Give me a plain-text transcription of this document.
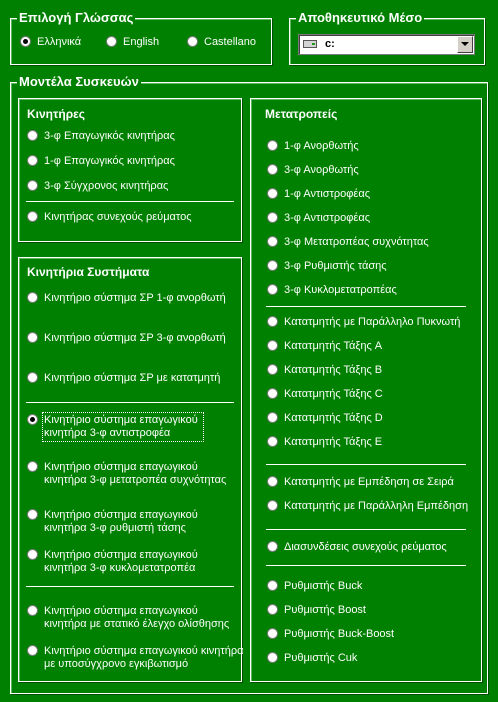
Επιλογή Γλώσσας
Ελληνικά	English	Castellano
Αποθηκευτικό Μέσο
c:
Μοντέλα Συσκευών
Κινητήρες
3-φ Επαγωγικός κινητήρας
1-φ Επαγωγικός κινητήρας
3-φ Σύγχρονος κινητήρας
Κινητήρας συνεχούς ρεύματος
Κινητήρια Συστήματα
Κινητήριο σύστημα ΣΡ 1-φ ανορθωτή
Κινητήριο σύστημα ΣΡ 3-φ ανορθωτή
Κινητήριο σύστημα ΣΡ με κατατμητή
Κινητήριο σύστημα επαγωγικού κινητήρα 3-φ αντιστροφέα
Κινητήριο σύστημα επαγωγικού κινητήρα 3-φ μετατροπέα συχνότητας
Κινητήριο σύστημα επαγωγικού κινητήρα 3-φ ρυθμιστή τάσης
Κινητήριο σύστημα επαγωγικού κινητήρα 3-φ κυκλομετατροπέα
Κινητήριο σύστημα επαγωγικού κινητήρα με στατικό έλεγχο ολίσθησης
Κινητήριο σύστημα επαγωγικού κινητήρα με υποσύγχρονο εγκιβωτισμό
Μετατροπείς
1-φ Ανορθωτής
3-φ Ανορθωτής
1-φ Αντιστροφέας
3-φ Αντιστροφέας
3-φ Μετατροπέας συχνότητας
3-φ Ρυθμιστής τάσης
3-φ Κυκλομετατροπέας
Κατατμητής με Παράλληλο Πυκνωτή
Κατατμητής Τάξης A
Κατατμητής Τάξης B
Κατατμητής Τάξης C
Κατατμητής Τάξης D
Κατατμητής Τάξης E
Κατατμητής με Εμπέδηση σε Σειρά
Κατατμητής με Παράλληλη Εμπέδηση
Διασυνδέσεις συνεχούς ρεύματος
Ρυθμιστής Buck
Ρυθμιστής Boost
Ρυθμιστής Buck-Boost
Ρυθμιστής Cuk
